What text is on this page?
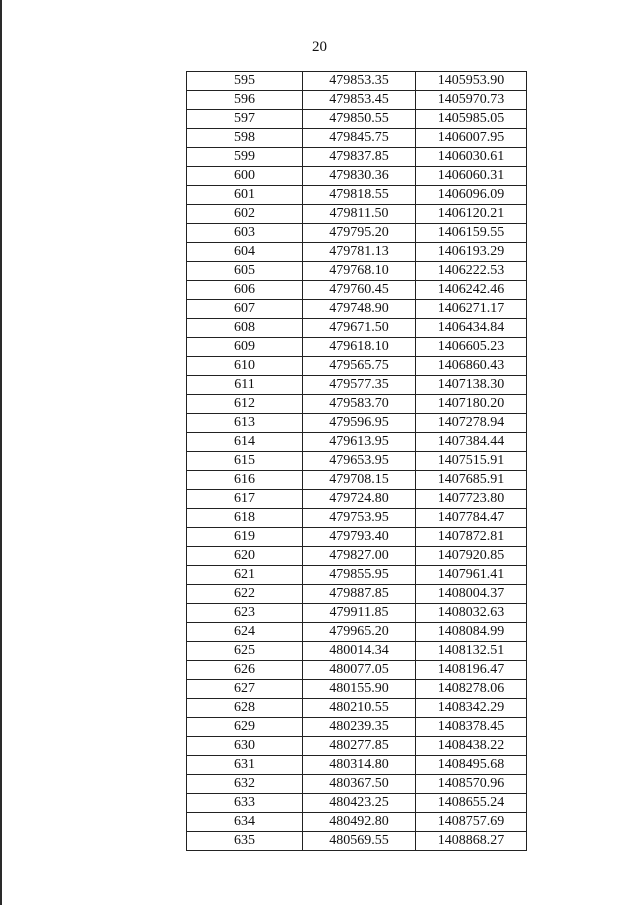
20
595	479853.35	1405953.90
596	479853.45	1405970.73
597	479850.55	1405985.05
598	479845.75	1406007.95
599	479837.85	1406030.61
600	479830.36	1406060.31
601	479818.55	1406096.09
602	479811.50	1406120.21
603	479795.20	1406159.55
604	479781.13	1406193.29
605	479768.10	1406222.53
606	479760.45	1406242.46
607	479748.90	1406271.17
608	479671.50	1406434.84
609	479618.10	1406605.23
610	479565.75	1406860.43
611	479577.35	1407138.30
612	479583.70	1407180.20
613	479596.95	1407278.94
614	479613.95	1407384.44
615	479653.95	1407515.91
616	479708.15	1407685.91
617	479724.80	1407723.80
618	479753.95	1407784.47
619	479793.40	1407872.81
620	479827.00	1407920.85
621	479855.95	1407961.41
622	479887.85	1408004.37
623	479911.85	1408032.63
624	479965.20	1408084.99
625	480014.34	1408132.51
626	480077.05	1408196.47
627	480155.90	1408278.06
628	480210.55	1408342.29
629	480239.35	1408378.45
630	480277.85	1408438.22
631	480314.80	1408495.68
632	480367.50	1408570.96
633	480423.25	1408655.24
634	480492.80	1408757.69
635	480569.55	1408868.27
